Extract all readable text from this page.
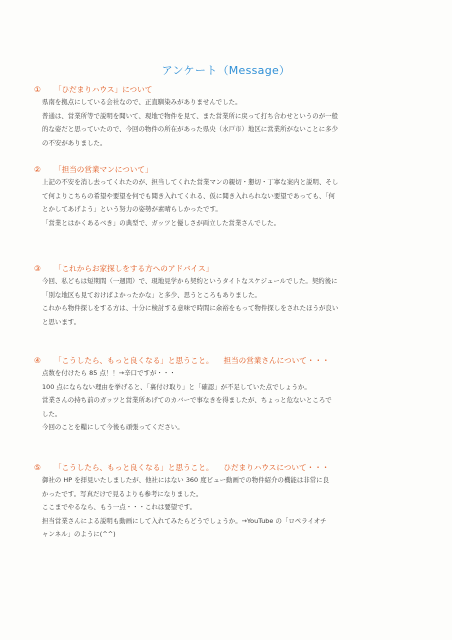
アンケート（Message）
① 「ひだまりハウス」について

県南を拠点にしている会社なので、正直馴染みがありませんでした。

普通は、営業所等で説明を聞いて、現地で物件を見て、また営業所に戻って打ち合わせというのが一般

的な姿だと思っていたので、今回の物件の所在があった県央（水戸市）地区に営業所がないことに多少

の不安がありました。

② 「担当の営業マンについて」

上記の不安を消し去ってくれたのが、担当してくれた営業マンの親切・懇切・丁寧な案内と説明、そし

て何よりこちらの希望や要望を何でも聞き入れてくれる、仮に聞き入れられない要望であっても、「何

とかしてあげよう」という努力の姿勢が素晴らしかったです。

「営業とはかくあるべき」の典型で、ガッツと優しさが両立した営業さんでした。

③ 「これからお家探しをする方へのアドバイス」

今回、私どもは短期間（一週間）で、現地見学から契約というタイトなスケジュールでした。契約後に

「別な地区も見ておけばよかったかな」と多少、思うところもありました。

これから物件探しをする方は、十分に検討する意味で時間に余裕をもって物件探しをされたほうが良い

と思います。

④ 「こうしたら、もっと良くなる」と思うこと。 担当の営業さんについて・・・

点数を付けたら 85 点！！→辛口ですが・・・

100 点にならない理由を挙げると、「裏付け取り」と「確認」が不足していた点でしょうか。

営業さんの持ち前のガッツと営業所あげてのカバーで事なきを得ましたが、ちょっと危ないところで

した。

今回のことを糧にして今後も頑張ってください。

⑤ 「こうしたら、もっと良くなる」と思うこと。 ひだまりハウスについて・・・

御社の HP を拝見いたしましたが、他社にはない 360 度ビュー動画での物件紹介の機能は非常に良

かったです。写真だけで見るよりも参考になりました。

ここまでやるなら、もう一点・・・これは要望です。

担当営業さんによる説明も動画にして入れてみたらどうでしょうか。→YouTube の「ロペライオチ

ャンネル」のように(^^)
